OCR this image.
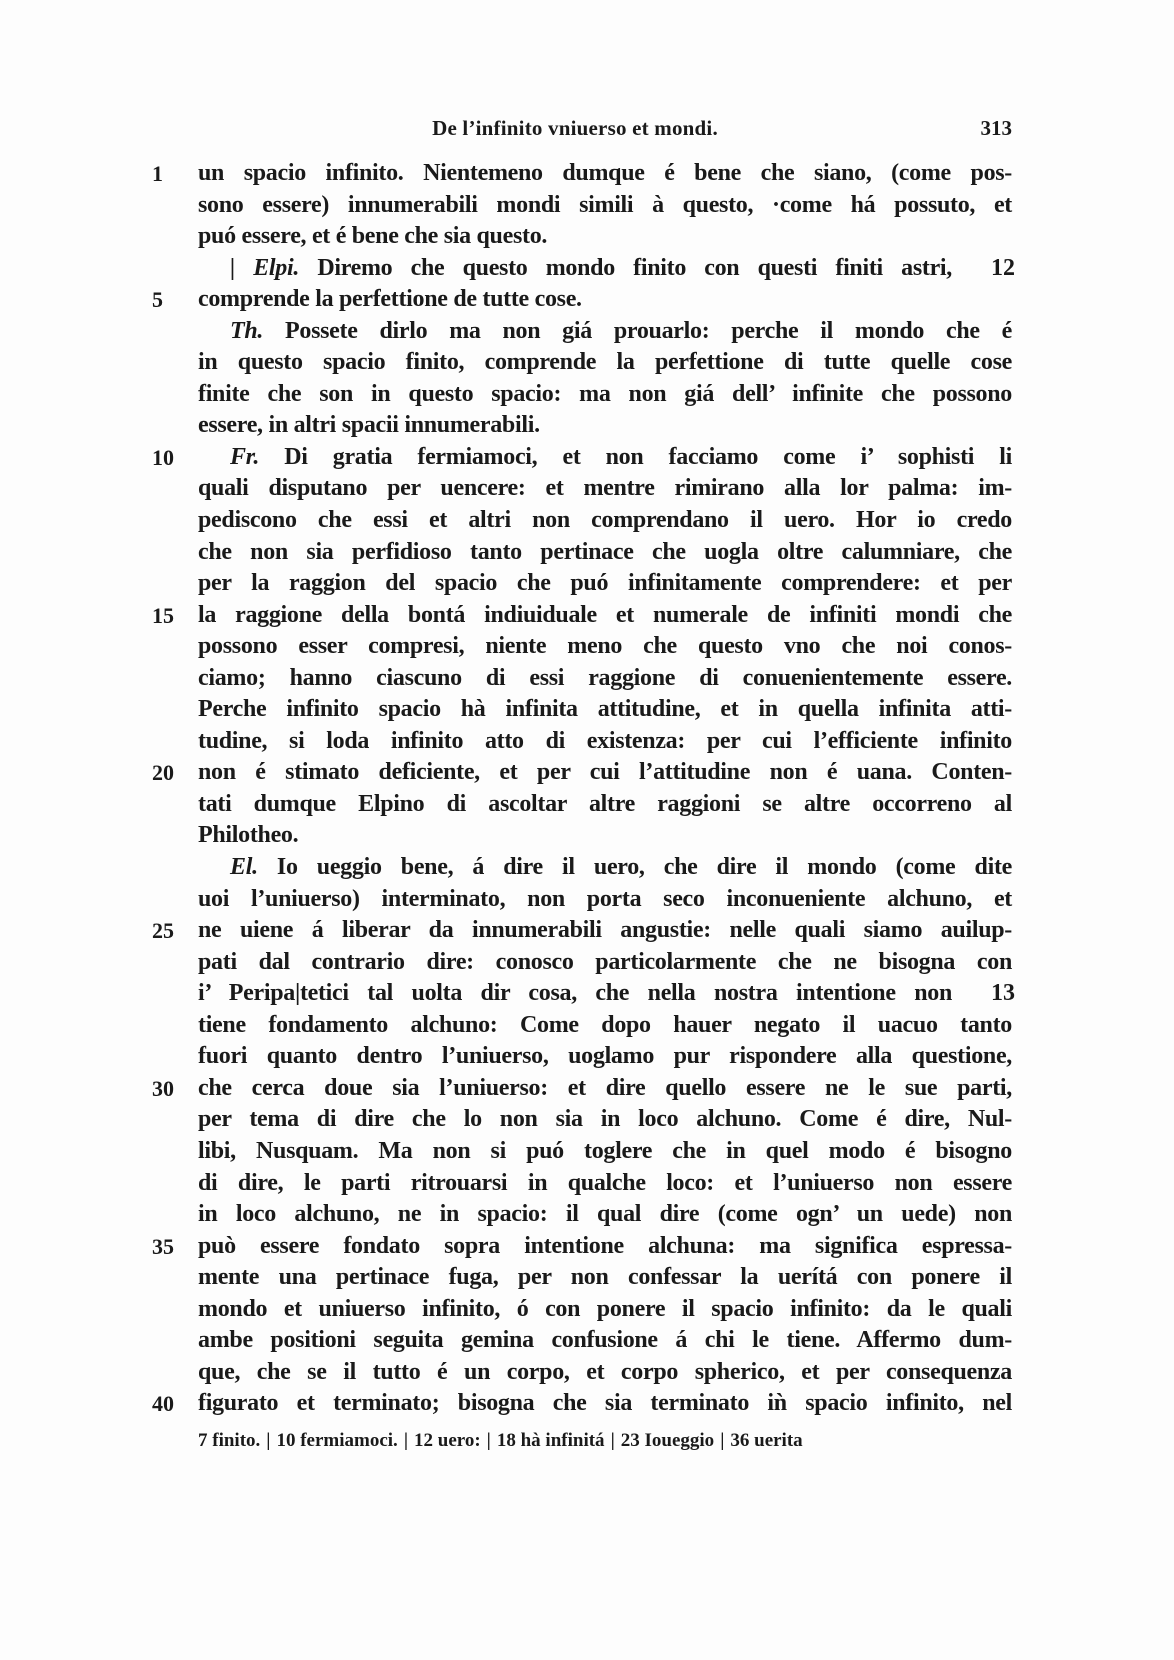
De l’infinito vniuerso et mondi.	313
1	un spacio infinito. Nientemeno dumque é bene che siano, (come pos-
sono essere) innumerabili mondi simili à questo, ·come há possuto, et
puó essere, et é bene che sia questo.
| Elpi. Diremo che questo mondo finito con questi finiti astri,	12
5	comprende la perfettione de tutte cose.
Th. Possete dirlo ma non giá prouarlo: perche il mondo che é
in questo spacio finito, comprende la perfettione di tutte quelle cose
finite che son in questo spacio: ma non giá dell’ infinite che possono
essere, in altri spacii innumerabili.
10	Fr. Di gratia fermiamoci, et non facciamo come i’ sophisti li
quali disputano per uencere: et mentre rimirano alla lor palma: im-
pediscono che essi et altri non comprendano il uero. Hor io credo
che non sia perfidioso tanto pertinace che uogla oltre calumniare, che
per la raggion del spacio che puó infinitamente comprendere: et per
15	la raggione della bontá indiuiduale et numerale de infiniti mondi che
possono esser compresi, niente meno che questo vno che noi conos-
ciamo; hanno ciascuno di essi raggione di conuenientemente essere.
Perche infinito spacio hà infinita attitudine, et in quella infinita atti-
tudine, si loda infinito atto di existenza: per cui l’efficiente infinito
20	non é stimato deficiente, et per cui l’attitudine non é uana. Conten-
tati dumque Elpino di ascoltar altre raggioni se altre occorreno al
Philotheo.
El. Io ueggio bene, á dire il uero, che dire il mondo (come dite
uoi l’uniuerso) interminato, non porta seco inconueniente alchuno, et
25	ne uiene á liberar da innumerabili angustie: nelle quali siamo auilup-
pati dal contrario dire: conosco particolarmente che ne bisogna con
i’ Peripa|tetici tal uolta dir cosa, che nella nostra intentione non	13
tiene fondamento alchuno: Come dopo hauer negato il uacuo tanto
fuori quanto dentro l’uniuerso, uoglamo pur rispondere alla questione,
30	che cerca doue sia l’uniuerso: et dire quello essere ne le sue parti,
per tema di dire che lo non sia in loco alchuno. Come é dire, Nul-
libi, Nusquam. Ma non si puó toglere che in quel modo é bisogno
di dire, le parti ritrouarsi in qualche loco: et l’uniuerso non essere
in loco alchuno, ne in spacio: il qual dire (come ogn’ un uede) non
35	può essere fondato sopra intentione alchuna: ma significa espressa-
mente una pertinace fuga, per non confessar la uerítá con ponere il
mondo et uniuerso infinito, ó con ponere il spacio infinito: da le quali
ambe positioni seguita gemina confusione á chi le tiene. Affermo dum-
que, che se il tutto é un corpo, et corpo spherico, et per consequenza
40	figurato et terminato; bisogna che sia terminato iǹ spacio infinito, nel
7 finito. | 10 fermiamoci. | 12 uero: | 18 hà infinitá | 23 Ioueggio | 36 uerita
